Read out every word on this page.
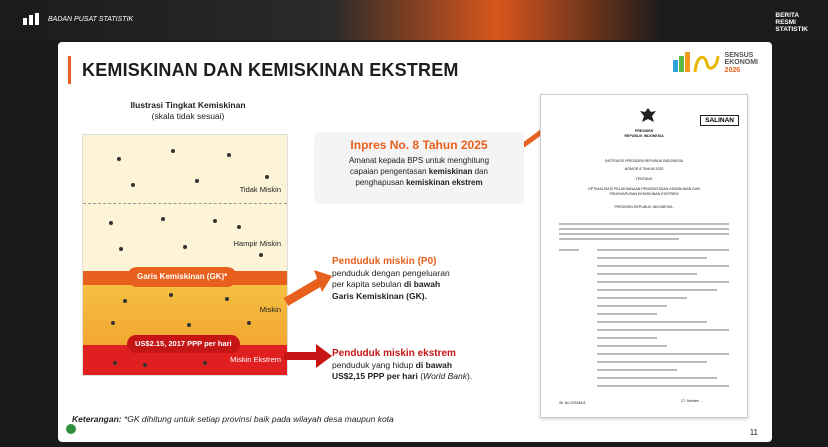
BADAN PUSAT STATISTIK	BERITA
RESMI
STATISTIK
KEMISKINAN DAN KEMISKINAN EKSTREM
SENSUS
EKONOMI
2026
Ilustrasi Tingkat Kemiskinan
(skala tidak sesuai)
Tidak Miskin
Hampir Miskin
Miskin
Miskin Ekstrem
Garis Kemiskinan (GK)*
US$2.15, 2017 PPP per hari
Inpres No. 8 Tahun 2025
Amanat kepada BPS untuk menghitung
capaian pengentasan kemiskinan dan
penghapusan kemiskinan ekstrem
Penduduk miskin (P0)
penduduk dengan pengeluaran
per kapita sebulan di bawah
Garis Kemiskinan (GK).
Penduduk miskin ekstrem
penduduk yang hidup di bawah
US$2,15 PPP per hari (World Bank).
SALINAN
PRESIDEN
REPUBLIK INDONESIA
INSTRUKSI PRESIDEN REPUBLIK INDONESIA
NOMOR 8 TAHUN 2025
TENTANG
OPTIMALISASI PELAKSANAAN PENGENTASAN KEMISKINAN DAN
PENGHAPUSAN KEMISKINAN EKSTREM
PRESIDEN REPUBLIK INDONESIA,
SK No 229348 A	17. Menteri . . .
Keterangan: *GK dihitung untuk setiap provinsi baik pada wilayah desa maupun kota
11
